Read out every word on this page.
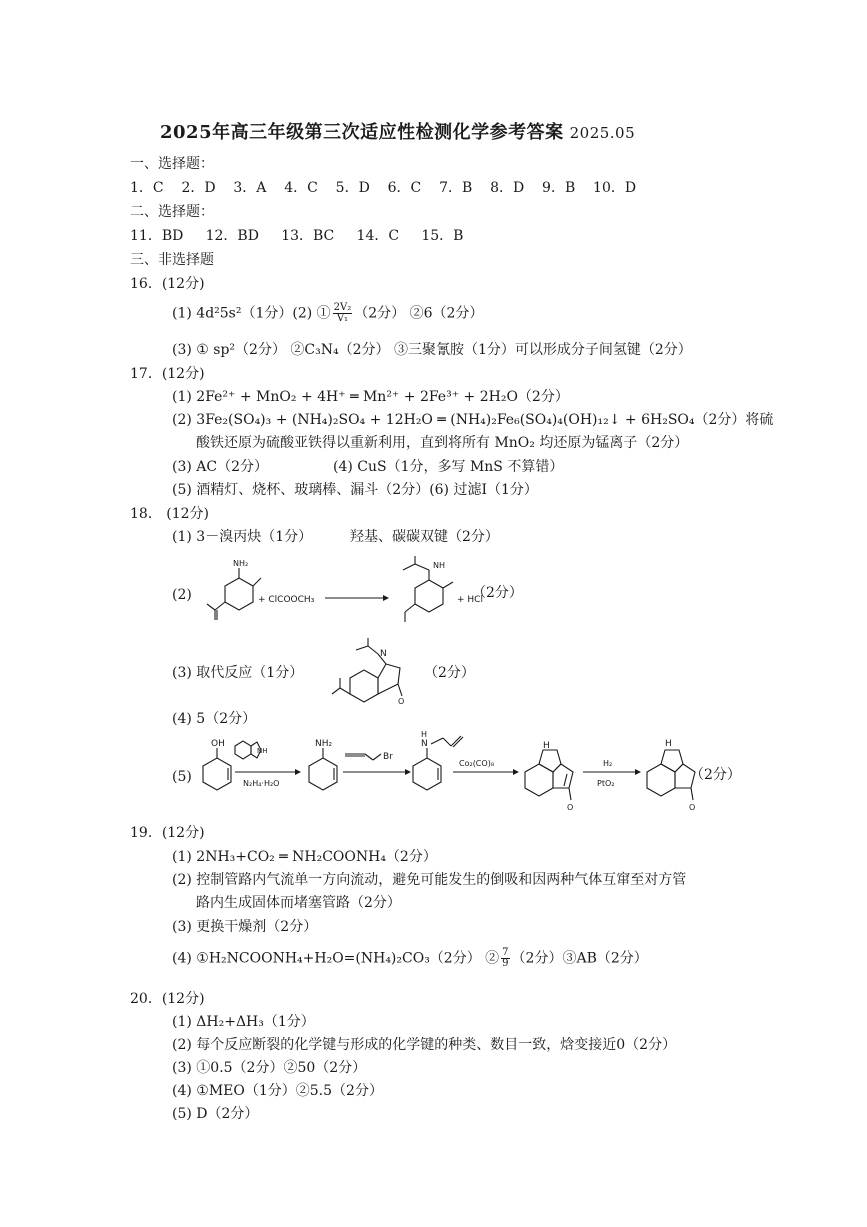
2025年高三年级第三次适应性检测化学参考答案 2025.05
一、选择题：
1．C 2．D 3．A 4．C 5．D 6．C 7．B 8．D 9．B 10．D
二、选择题：
11．BD 12．BD 13．BC 14．C 15．B
三、非选择题
16．(12分)
(1) 4d²5s²（1分）(2) ① $\frac{\text{2V₂}}{\text{V₁}} (2$分） ②6（2分）
(3) ① sp²（2分） ②C₃N₄（2分） ③三聚氰胺（1分）可以形成分子间氢键（2分）
17．(12分)
(1) 2Fe²⁺ + MnO₂ + 4H⁺ ═ Mn²⁺ + 2Fe³⁺ + 2H₂O（2分）
(2) 3Fe₂(SO₄)₃ + (NH₄)₂SO₄ + 12H₂O ═ (NH₄)₂Fe₆(SO₄)₄(OH)₁₂↓ + 6H₂SO₄（2分）将硫
酸铁还原为硫酸亚铁得以重新利用，直到将所有 MnO₂ 均还原为锰离子（2分）
(3) AC（2分）	(4) CuS（1分，多写 MnS 不算错）
(5) 酒精灯、烧杯、玻璃棒、漏斗（2分）(6) 过滤Ⅰ（1分）
18． (12分)
(1) 3－溴丙炔（1分）	羟基、碳碳双键（2分）
(2)
NH₂
+ ClCOOCH₃
NH
+ HCl
（2分）
(3) 取代反应（1分）
N
O
（2分）
(4) 5（2分）
(5)
OH
NH
N₂H₄·H₂O
NH₂
Br
N
H
Co₂(CO)₈
H
O
H₂
PtO₂
H
O
（2分）
19．(12分)
(1) 2NH₃+CO₂ ═ NH₂COONH₄（2分）
(2) 控制管路内气流单一方向流动，避免可能发生的倒吸和因两种气体互窜至对方管
路内生成固体而堵塞管路（2分）
(3) 更换干燥剂（2分）
(4) ①H₂NCOONH₄+H₂O=(NH₄)₂CO₃（2分） ② $\frac{7}{9} (2$分）③AB（2分）
20．(12分)
(1) ΔH₂+ΔH₃（1分）
(2) 每个反应断裂的化学键与形成的化学键的种类、数目一致，焓变接近0（2分）
(3) ①0.5（2分）②50（2分）
(4) ①MEO（1分）②5.5（2分）
(5) D（2分）
